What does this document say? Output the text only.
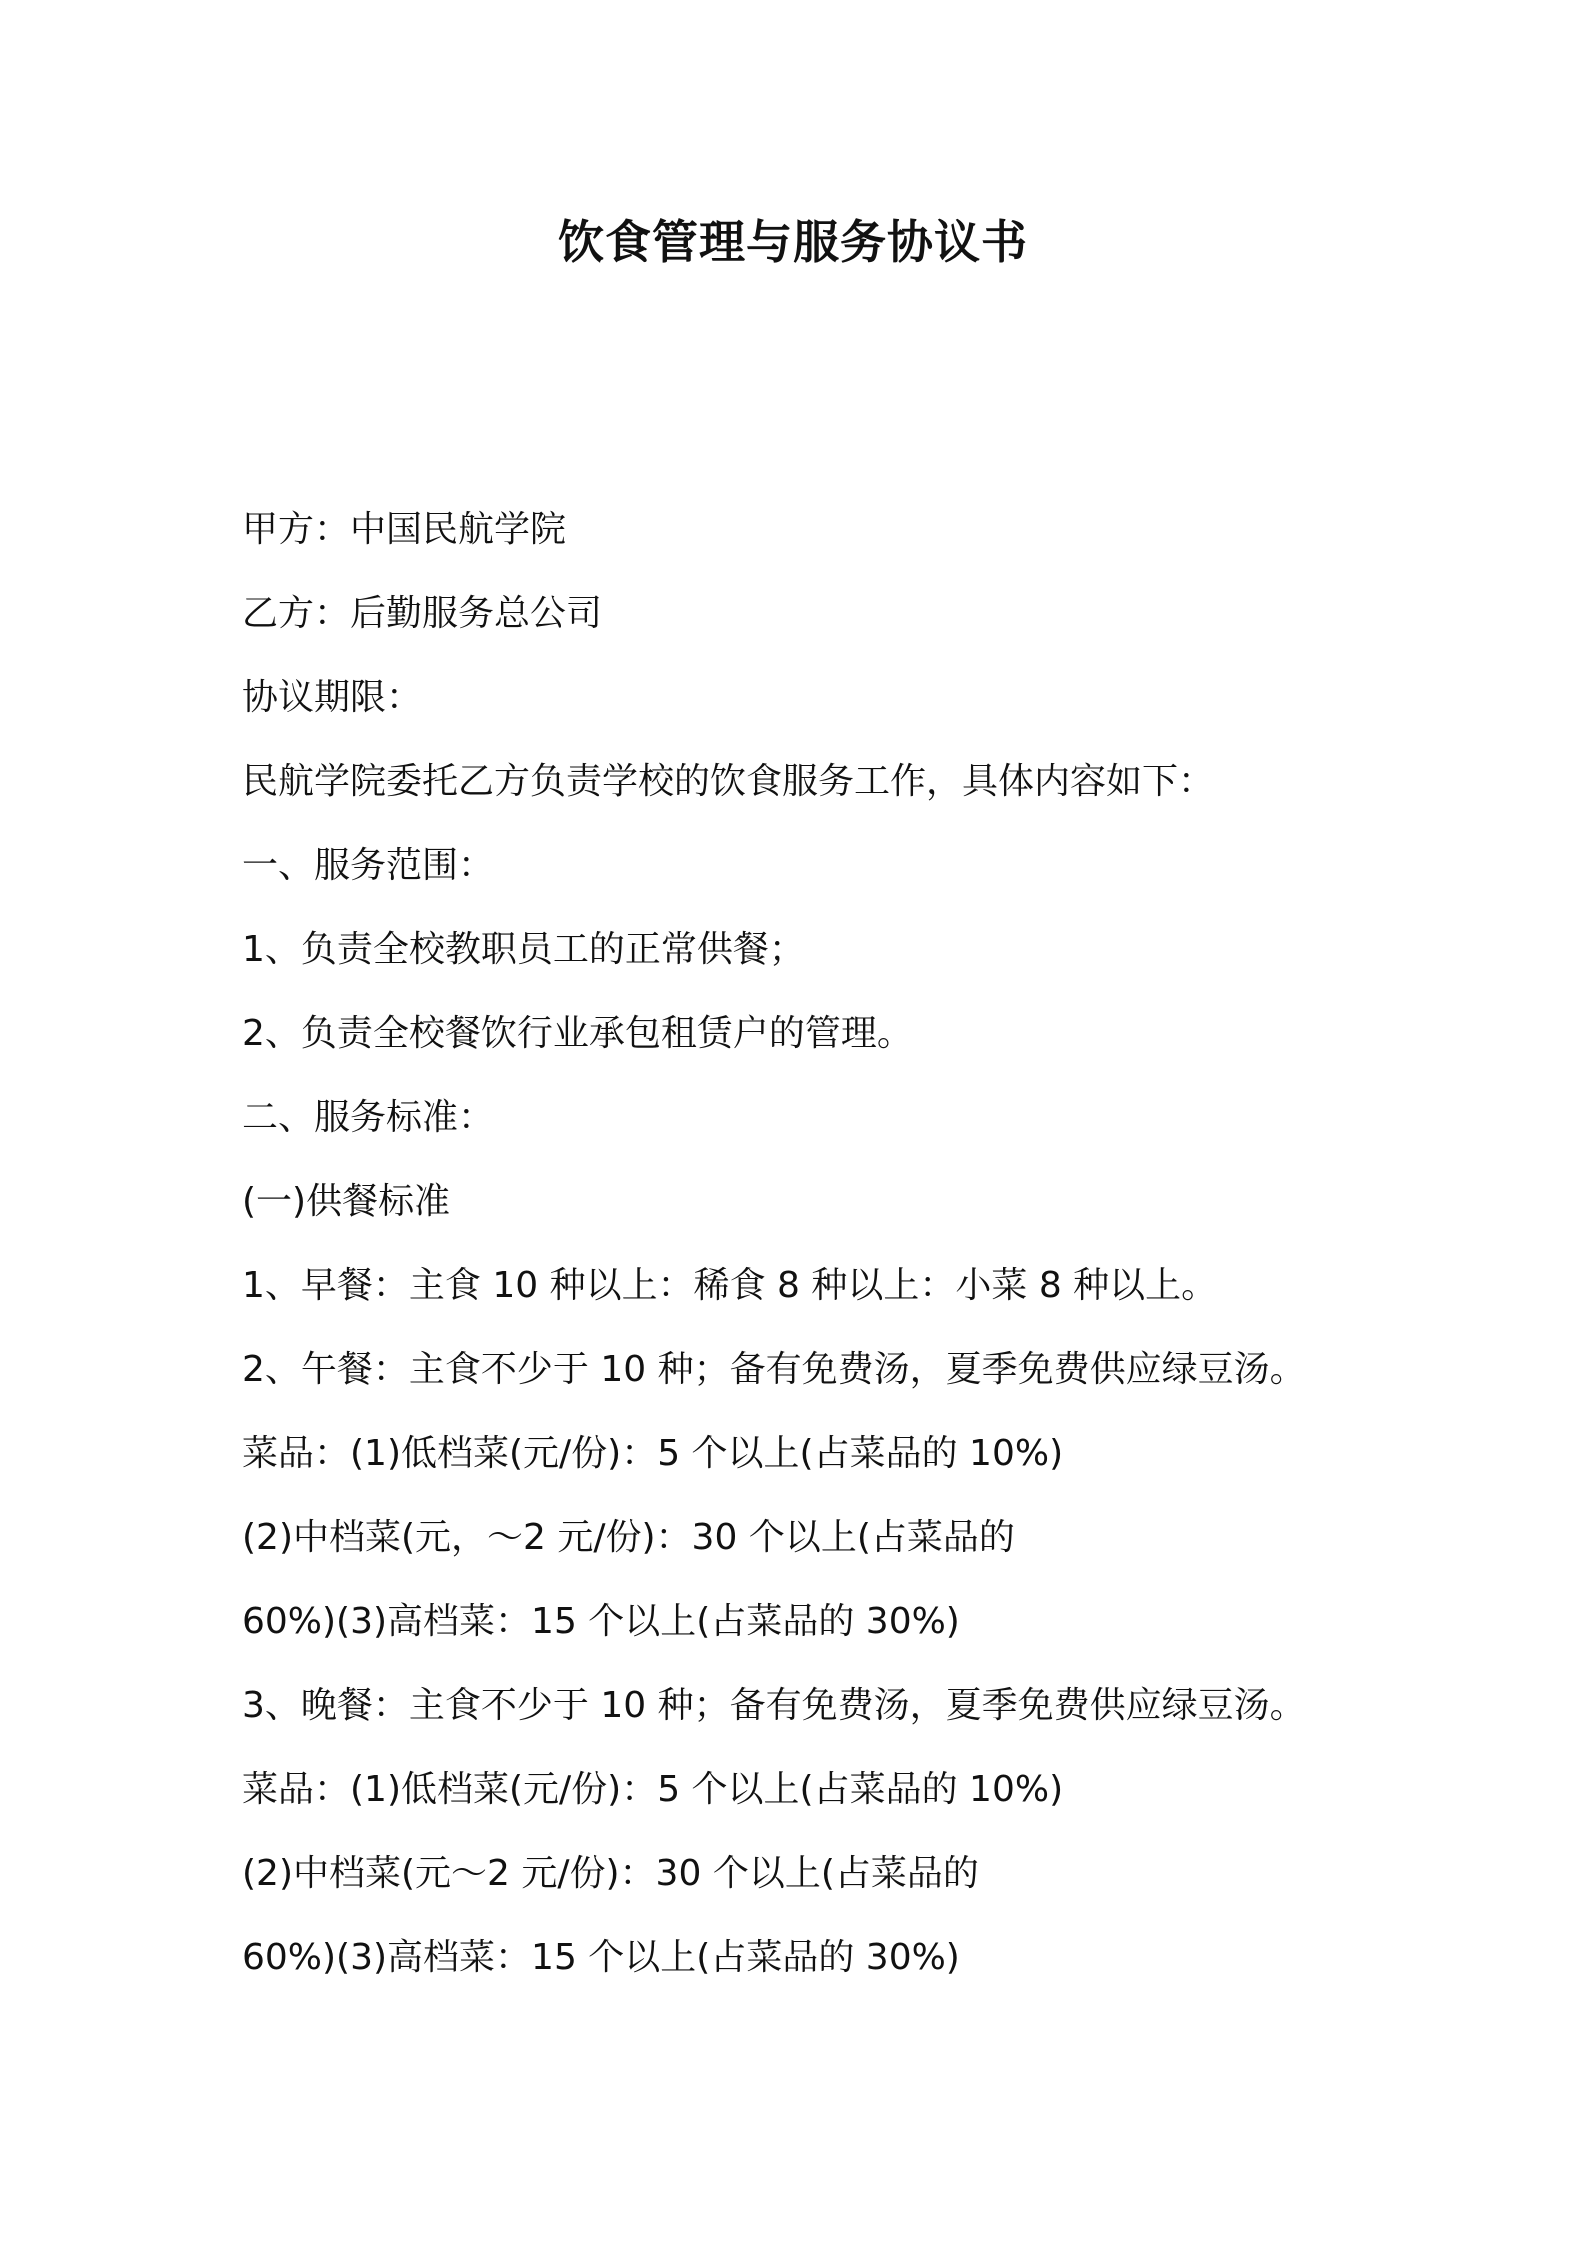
饮食管理与服务协议书
甲方：中国民航学院
乙方：后勤服务总公司
协议期限：
民航学院委托乙方负责学校的饮食服务工作，具体内容如下：
一、服务范围：
1、负责全校教职员工的正常供餐；
2、负责全校餐饮行业承包租赁户的管理。
二、服务标准：
(一)供餐标准
1、早餐：主食 10 种以上：稀食 8 种以上：小菜 8 种以上。
2、午餐：主食不少于 10 种；备有免费汤，夏季免费供应绿豆汤。
菜品：(1)低档菜(元/份)：5 个以上(占菜品的 10%)
(2)中档菜(元，～2 元/份)：30 个以上(占菜品的
60%)(3)高档菜：15 个以上(占菜品的 30%)
3、晚餐：主食不少于 10 种；备有免费汤，夏季免费供应绿豆汤。
菜品：(1)低档菜(元/份)：5 个以上(占菜品的 10%)
(2)中档菜(元～2 元/份)：30 个以上(占菜品的
60%)(3)高档菜：15 个以上(占菜品的 30%)
